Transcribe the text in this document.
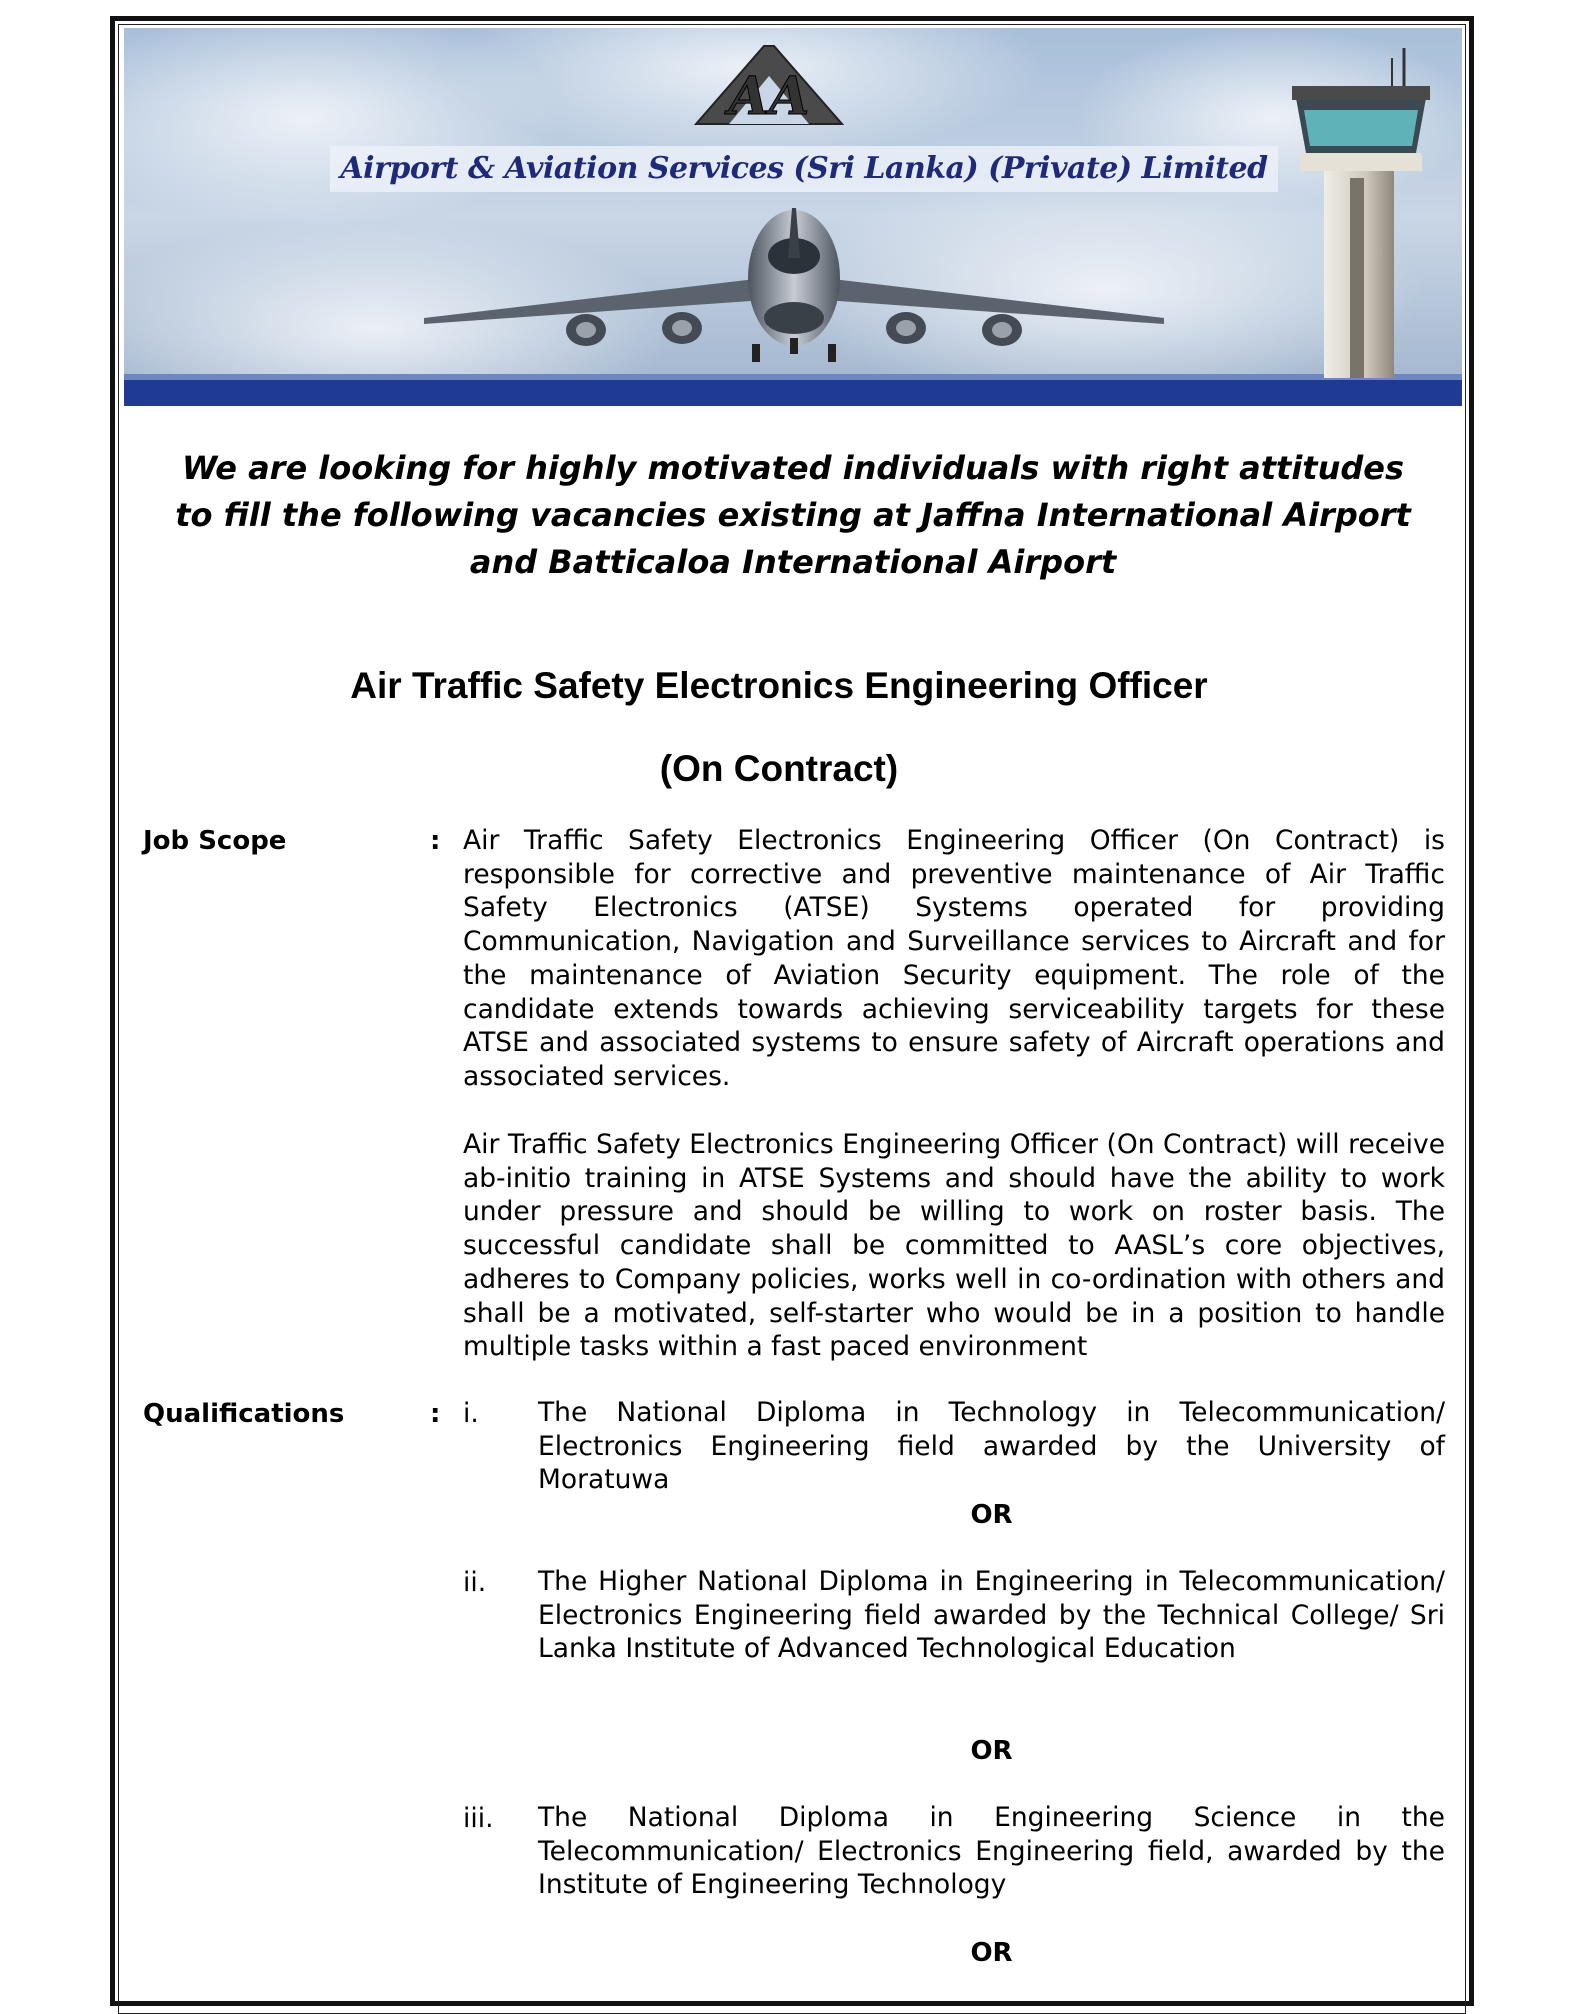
AA
Airport & Aviation Services (Sri Lanka) (Private) Limited
We are looking for highly motivated individuals with right attitudes
to fill the following vacancies existing at Jaffna International Airport
and Batticaloa International Airport
Air Traffic Safety Electronics Engineering Officer
(On Contract)
Job Scope	: Air Traffic Safety Electronics Engineering Officer (On Contract) is responsible for corrective and preventive maintenance of Air Traffic Safety Electronics (ATSE) Systems operated for providing Communication, Navigation and Surveillance services to Aircraft and for the maintenance of Aviation Security equipment. The role of the candidate extends towards achieving serviceability targets for these ATSE and associated systems to ensure safety of Aircraft operations and associated services.
Air Traffic Safety Electronics Engineering Officer (On Contract) will receive ab-initio training in ATSE Systems and should have the ability to work under pressure and should be willing to work on roster basis. The successful candidate shall be committed to AASL’s core objectives, adheres to Company policies, works well in co-ordination with others and shall be a motivated, self-starter who would be in a position to handle multiple tasks within a fast paced environment
Qualifications	: i. The National Diploma in Technology in Telecommunication/ Electronics Engineering field awarded by the University of Moratuwa
OR
ii. The Higher National Diploma in Engineering in Telecommunication/ Electronics Engineering field awarded by the Technical College/ Sri Lanka Institute of Advanced Technological Education
OR
iii. The National Diploma in Engineering Science in the Telecommunication/ Electronics Engineering field, awarded by the Institute of Engineering Technology
OR
